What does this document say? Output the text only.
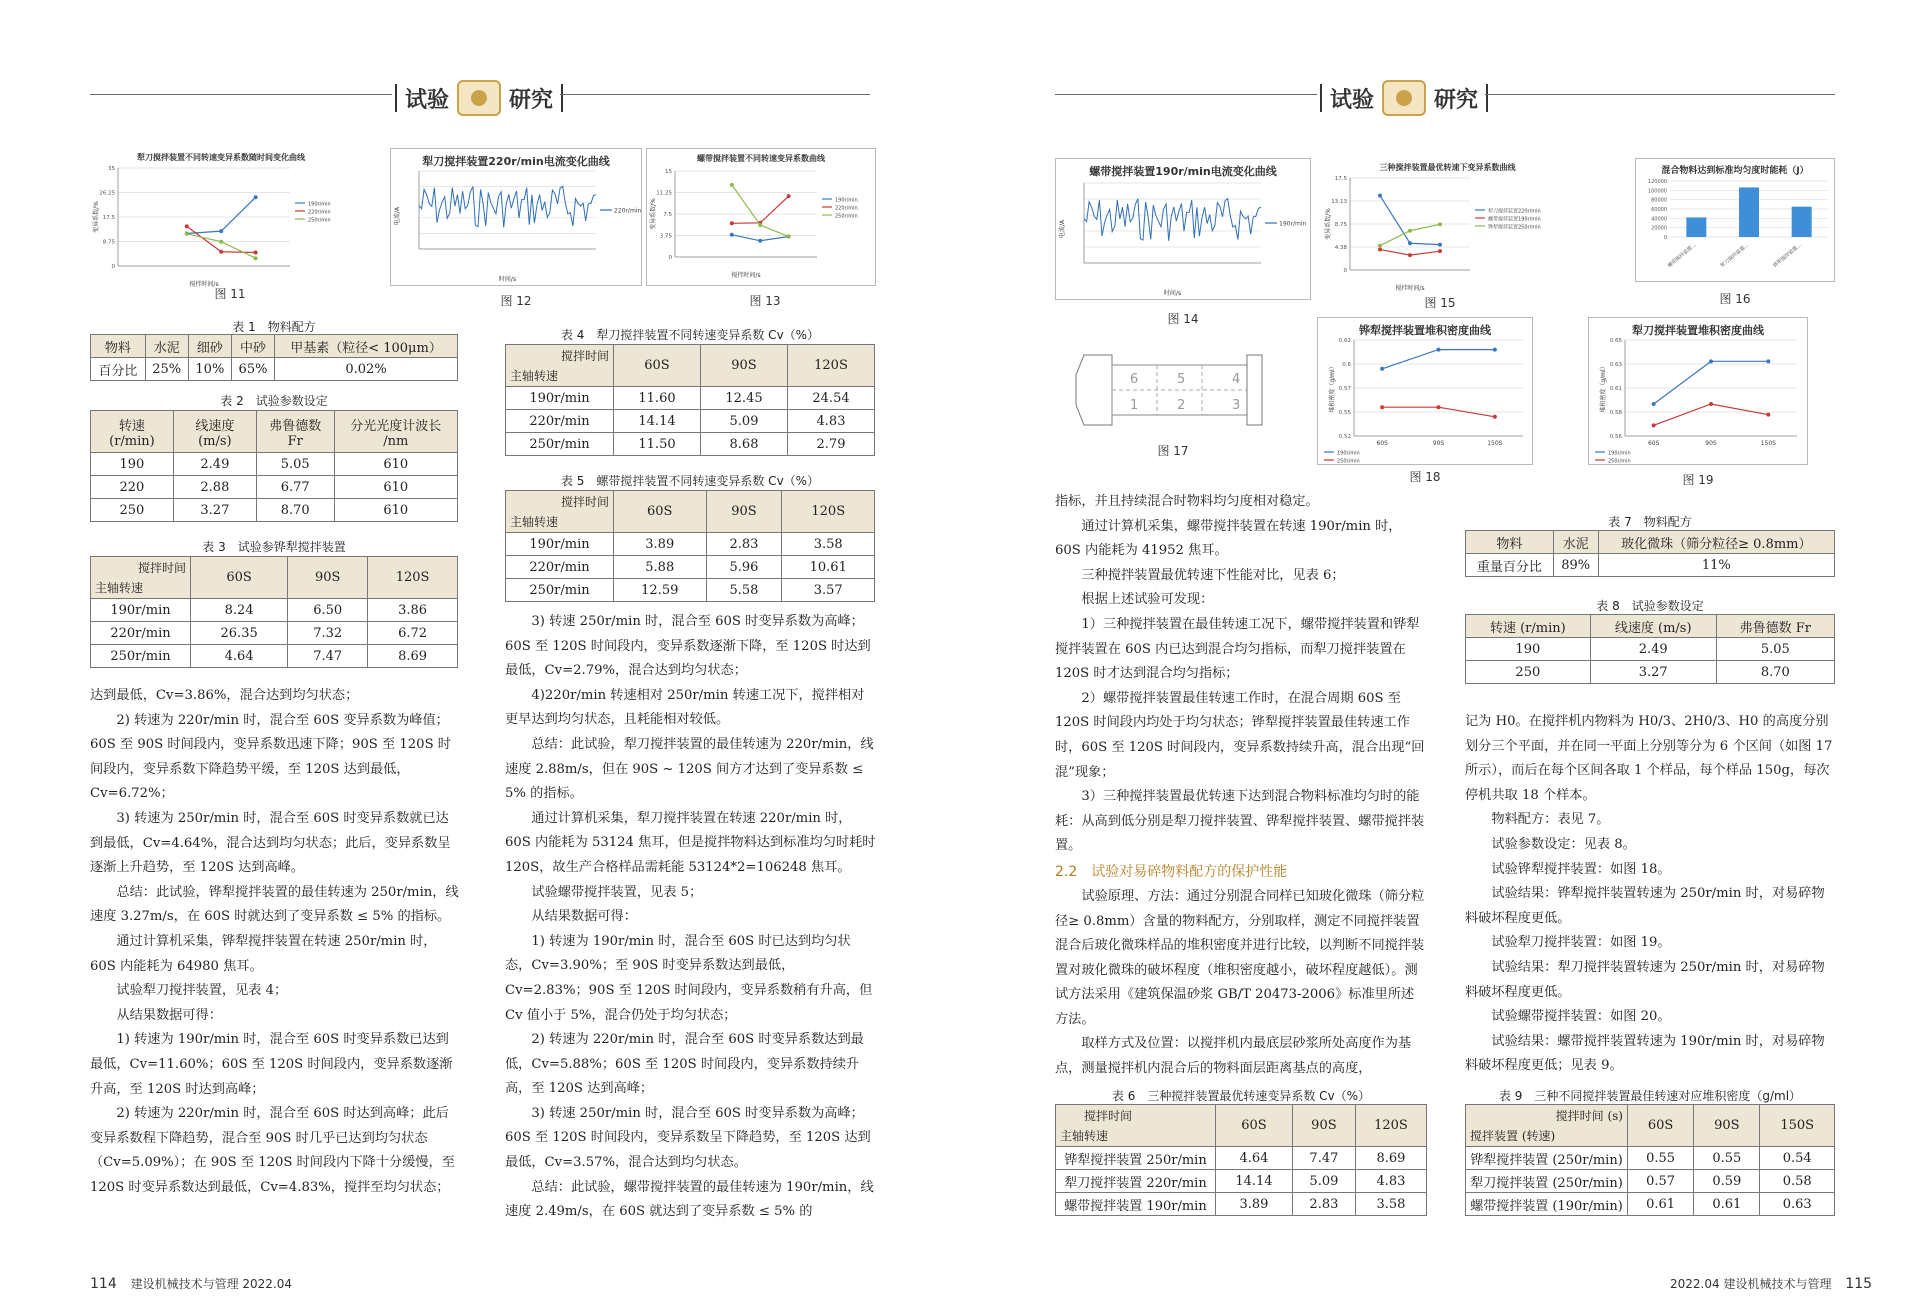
试验	研究
犁刀搅拌装置不同转速变异系数随时间变化曲线
190r/min
220r/min
250r/min
0
8.75
17.5
26.25
35
搅拌时间/s
变异系数/%
图 11
犁刀搅拌装置220r/min电流变化曲线
220r/min
时间/s
电流/A
图 12
螺带搅拌装置不同转速变异系数曲线
190r/min
220r/min
250r/min
0
3.75
7.5
11.25
15
搅拌时间/s
变异系数/%
图 13
表 1　物料配方
物料	水泥	细砂	中砂	甲基素（粒径< 100μm）
百分比	25%	10%	65%	0.02%
表 2　试验参数设定
转速 (r/min)	线速度 (m/s)	弗鲁德数 Fr	分光光度计波长 /nm
190	2.49	5.05	610
220	2.88	6.77	610
250	3.27	8.70	610
表 3　试验参铧犁搅拌装置
搅拌时间
主轴转速	60S	90S	120S
190r/min	8.24	6.50	3.86
220r/min	26.35	7.32	6.72
250r/min	4.64	7.47	8.69
表 4　犁刀搅拌装置不同转速变异系数 Cv（%）
搅拌时间
主轴转速	60S	90S	120S
190r/min	11.60	12.45	24.54
220r/min	14.14	5.09	4.83
250r/min	11.50	8.68	2.79
表 5　螺带搅拌装置不同转速变异系数 Cv（%）
搅拌时间
主轴转速	60S	90S	120S
190r/min	3.89	2.83	3.58
220r/min	5.88	5.96	10.61
250r/min	12.59	5.58	3.57

达到最低，Cv=3.86%，混合达到均匀状态；

2) 转速为 220r/min 时，混合至 60S 变异系数为峰值；60S 至 90S 时间段内，变异系数迅速下降；90S 至 120S 时间段内，变异系数下降趋势平缓，至 120S 达到最低，Cv=6.72%；

3) 转速为 250r/min 时，混合至 60S 时变异系数就已达到最低，Cv=4.64%，混合达到均匀状态；此后，变异系数呈逐渐上升趋势，至 120S 达到高峰。

总结：此试验，铧犁搅拌装置的最佳转速为 250r/min，线速度 3.27m/s，在 60S 时就达到了变异系数 ≤ 5% 的指标。

通过计算机采集，铧犁搅拌装置在转速 250r/min 时，60S 内能耗为 64980 焦耳。

试验犁刀搅拌装置，见表 4；

从结果数据可得：

1) 转速为 190r/min 时，混合至 60S 时变异系数已达到最低，Cv=11.60%；60S 至 120S 时间段内，变异系数逐渐升高，至 120S 时达到高峰；

2) 转速为 220r/min 时，混合至 60S 时达到高峰；此后变异系数程下降趋势，混合至 90S 时几乎已达到均匀状态（Cv=5.09%）；在 90S 至 120S 时间段内下降十分缓慢，至 120S 时变异系数达到最低，Cv=4.83%，搅拌至均匀状态；

3) 转速 250r/min 时，混合至 60S 时变异系数为高峰；60S 至 120S 时间段内，变异系数逐渐下降，至 120S 时达到最低，Cv=2.79%，混合达到均匀状态；

4)220r/min 转速相对 250r/min 转速工况下，搅拌相对更早达到均匀状态，且耗能相对较低。

总结：此试验，犁刀搅拌装置的最佳转速为 220r/min，线速度 2.88m/s，但在 90S ~ 120S 间方才达到了变异系数 ≤ 5% 的指标。

通过计算机采集，犁刀搅拌装置在转速 220r/min 时，60S 内能耗为 53124 焦耳，但是搅拌物料达到标准均匀时耗时 120S，故生产合格样品需耗能 53124*2=106248 焦耳。

试验螺带搅拌装置，见表 5；

从结果数据可得：

1) 转速为 190r/min 时，混合至 60S 时已达到均匀状态，Cv=3.90%；至 90S 时变异系数达到最低，Cv=2.83%；90S 至 120S 时间段内，变异系数稍有升高，但 Cv 值小于 5%，混合仍处于均匀状态；

2) 转速为 220r/min 时，混合至 60S 时变异系数达到最低，Cv=5.88%；60S 至 120S 时间段内，变异系数持续升高，至 120S 达到高峰；

3) 转速 250r/min 时，混合至 60S 时变异系数为高峰；60S 至 120S 时间段内，变异系数呈下降趋势，至 120S 达到最低，Cv=3.57%，混合达到均匀状态。

总结：此试验，螺带搅拌装置的最佳转速为 190r/min，线速度 2.49m/s，在 60S 就达到了变异系数 ≤ 5% 的

114 建设机械技术与管理 2022.04
试验	研究
螺带搅拌装置190r/min电流变化曲线
190r/min
时间/s
电流/A
图 14
三种搅拌装置最优转速下变异系数曲线
犁刀搅拌装置220r/min
螺带搅拌装置190r/min
铧犁搅拌装置250r/min
0
4.38
8.75
13.13
17.5
搅拌时间/s
变异系数/%
图 15
混合物料达到标准均匀度时能耗（J）
120000
100000
80000
60000
40000
20000
0
螺带搅拌装置…	犁刀搅拌装置…	铧犁搅拌装置…
图 16
6	5	4
1	2	3
图 17
铧犁搅拌装置堆积密度曲线
190r/min
250r/min
60S	90S	150S
0.52
0.55
0.57
0.6
0.62
堆积密度（g/ml）
图 18
犁刀搅拌装置堆积密度曲线
190r/min
250r/min
60S	90S	150S
0.56
0.58
0.61
0.63
0.65
堆积密度（g/ml）
图 19

指标，并且持续混合时物料均匀度相对稳定。

通过计算机采集，螺带搅拌装置在转速 190r/min 时，60S 内能耗为 41952 焦耳。

三种搅拌装置最优转速下性能对比，见表 6；

根据上述试验可发现：

1）三种搅拌装置在最佳转速工况下，螺带搅拌装置和铧犁搅拌装置在 60S 内已达到混合均匀指标，而犁刀搅拌装置在 120S 时才达到混合均匀指标；

2）螺带搅拌装置最佳转速工作时，在混合周期 60S 至 120S 时间段内均处于均匀状态；铧犁搅拌装置最佳转速工作时，60S 至 120S 时间段内，变异系数持续升高，混合出现“回混”现象；

3）三种搅拌装置最优转速下达到混合物料标准均匀时的能耗：从高到低分别是犁刀搅拌装置、铧犁搅拌装置、螺带搅拌装置。

2.2　试验对易碎物料配方的保护性能

试验原理、方法：通过分别混合同样已知玻化微珠（筛分粒径≥ 0.8mm）含量的物料配方，分别取样，测定不同搅拌装置混合后玻化微珠样品的堆积密度并进行比较，以判断不同搅拌装置对玻化微珠的破坏程度（堆积密度越小，破坏程度越低）。测试方法采用《建筑保温砂浆 GB/T 20473-2006》标准里所述方法。

取样方式及位置：以搅拌机内最底层砂浆所处高度作为基点，测量搅拌机内混合后的物料面层距离基点的高度，

表 6　三种搅拌装置最优转速变异系数 Cv（%）
搅拌时间
主轴转速	60S	90S	120S
铧犁搅拌装置 250r/min	4.64	7.47	8.69
犁刀搅拌装置 220r/min	14.14	5.09	4.83
螺带搅拌装置 190r/min	3.89	2.83	3.58
表 7　物料配方
物料	水泥	玻化微珠（筛分粒径≥ 0.8mm）
重量百分比	89%	11%
表 8　试验参数设定
转速 (r/min)	线速度 (m/s)	弗鲁德数 Fr
190	2.49	5.05
250	3.27	8.70

记为 H0。在搅拌机内物料为 H0/3、2H0/3、H0 的高度分别划分三个平面，并在同一平面上分别等分为 6 个区间（如图 17 所示），而后在每个区间各取 1 个样品，每个样品 150g，每次停机共取 18 个样本。

物料配方：表见 7。

试验参数设定：见表 8。

试验铧犁搅拌装置：如图 18。

试验结果：铧犁搅拌装置转速为 250r/min 时，对易碎物料破坏程度更低。

试验犁刀搅拌装置：如图 19。

试验结果：犁刀搅拌装置转速为 250r/min 时，对易碎物料破坏程度更低。

试验螺带搅拌装置：如图 20。

试验结果：螺带搅拌装置转速为 190r/min 时，对易碎物料破坏程度更低；见表 9。

表 9　三种不同搅拌装置最佳转速对应堆积密度（g/ml）
搅拌时间 (s)
搅拌装置 (转速)	60S	90S	150S
铧犁搅拌装置 (250r/min)	0.55	0.55	0.54
犁刀搅拌装置 (250r/min)	0.57	0.59	0.58
螺带搅拌装置 (190r/min)	0.61	0.61	0.63
2022.04 建设机械技术与管理 115
